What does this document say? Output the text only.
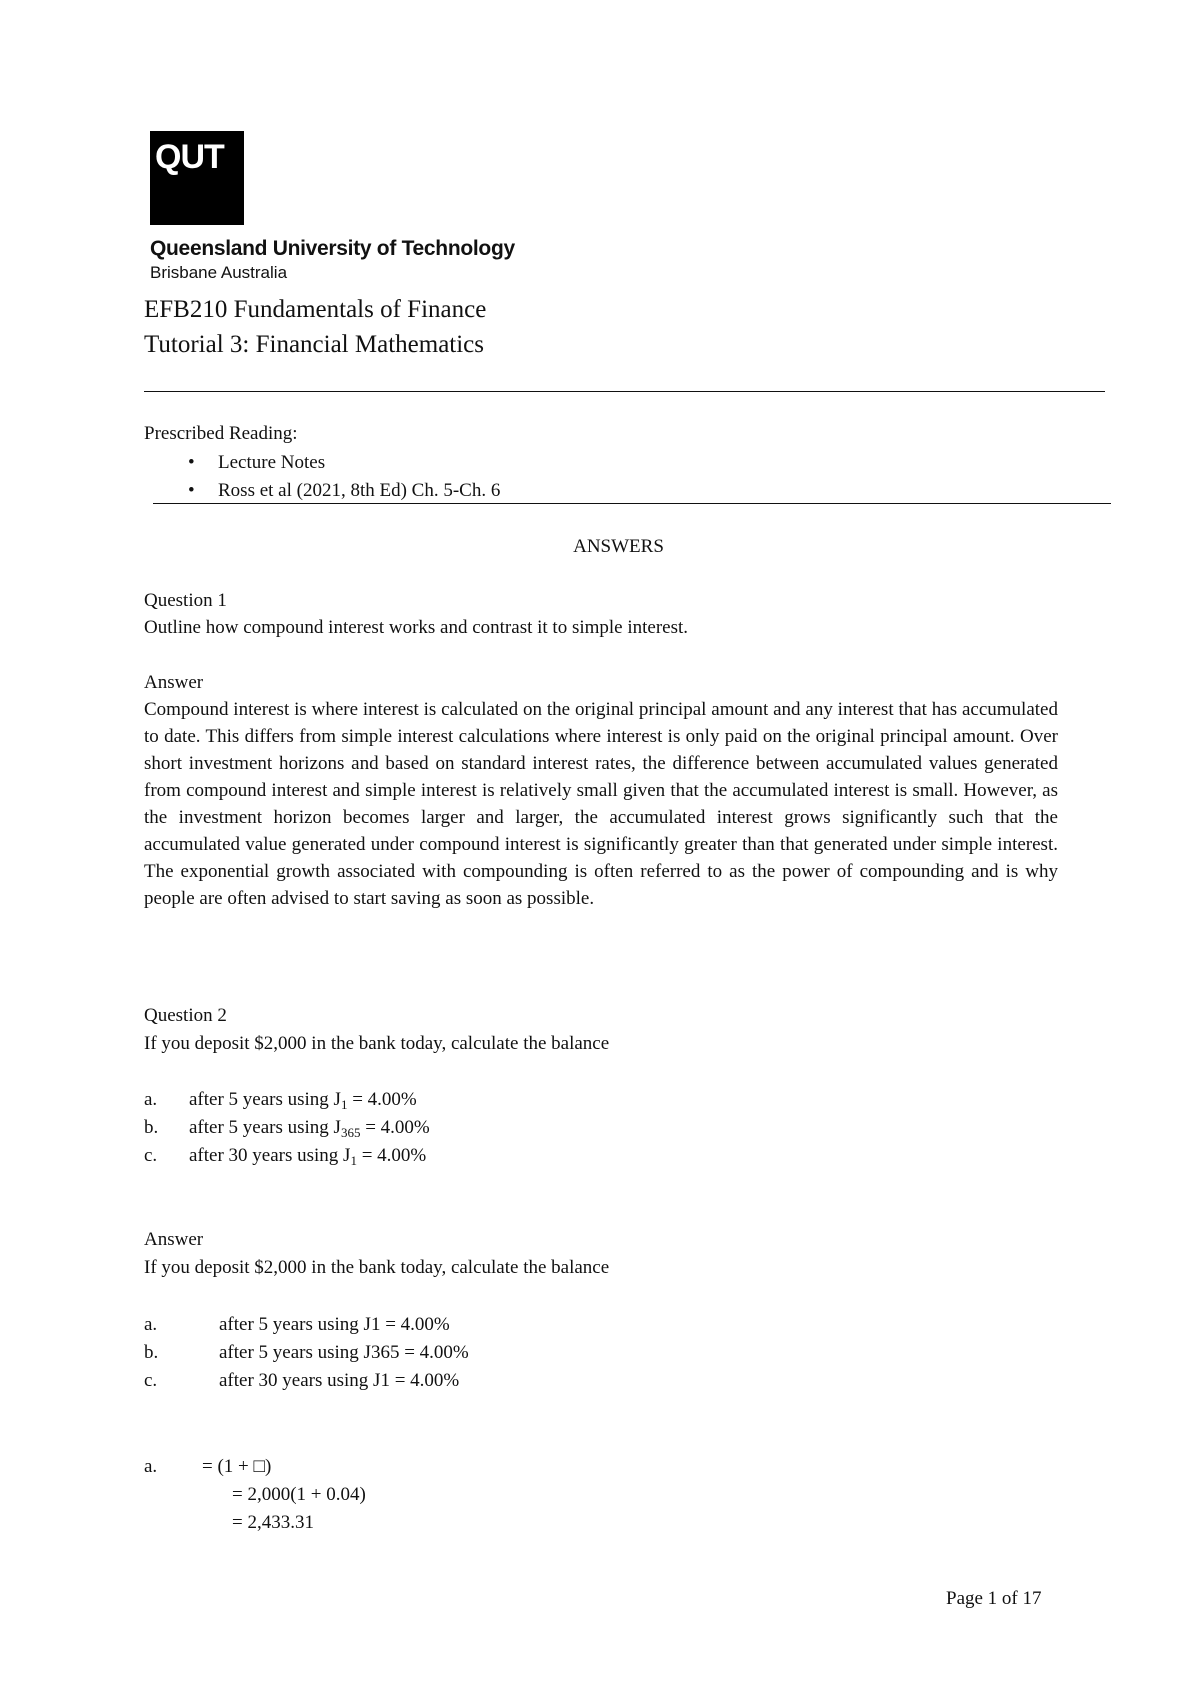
QUT
Queensland University of Technology
Brisbane Australia
EFB210 Fundamentals of Finance
Tutorial 3: Financial Mathematics
Prescribed Reading:
• Lecture Notes
• Ross et al (2021, 8th Ed) Ch. 5-Ch. 6
ANSWERS
Question 1
Outline how compound interest works and contrast it to simple interest.
Answer
Compound interest is where interest is calculated on the original principal amount and any interest that has accumulated to date. This differs from simple interest calculations where interest is only paid on the original principal amount. Over short investment horizons and based on standard interest rates, the difference between accumulated values generated from compound interest and simple interest is relatively small given that the accumulated interest is small. However, as the investment horizon becomes larger and larger, the accumulated interest grows significantly such that the accumulated value generated under compound interest is significantly greater than that generated under simple interest. The exponential growth associated with compounding is often referred to as the power of compounding and is why people are often advised to start saving as soon as possible.
Question 2
If you deposit $2,000 in the bank today, calculate the balance
a. after 5 years using $J_1 = 4.00\%$
b. after 5 years using $J_{365} = 4.00\%$
c. after 30 years using $J_1 = 4.00\%$
Answer
If you deposit $2,000 in the bank today, calculate the balance
a.	after 5 years using J1 = 4.00%
b.	after 5 years using J365 = 4.00%
c.	after 30 years using J1 = 4.00%
a. = (1 + □)
= 2,000(1 + 0.04)
= 2,433.31
Page 1 of 17
